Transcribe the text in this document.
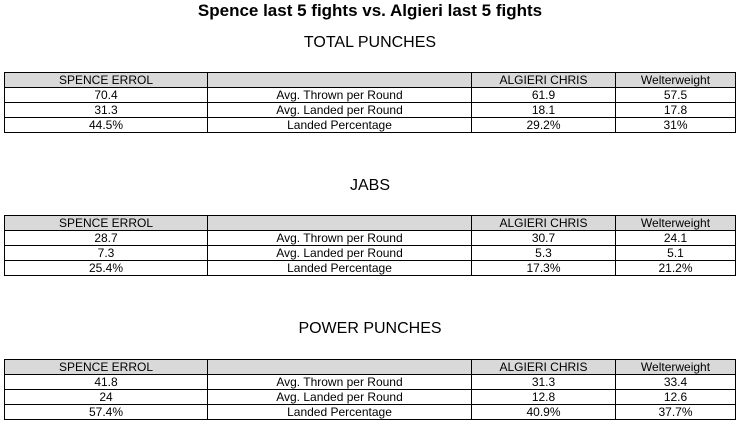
Spence last 5 fights vs. Algieri last 5 fights
TOTAL PUNCHES
SPENCE ERROL		ALGIERI CHRIS	Welterweight
70.4	Avg. Thrown per Round	61.9	57.5
31.3	Avg. Landed per Round	18.1	17.8
44.5%	Landed Percentage	29.2%	31%
JABS
SPENCE ERROL		ALGIERI CHRIS	Welterweight
28.7	Avg. Thrown per Round	30.7	24.1
7.3	Avg. Landed per Round	5.3	5.1
25.4%	Landed Percentage	17.3%	21.2%
POWER PUNCHES
SPENCE ERROL		ALGIERI CHRIS	Welterweight
41.8	Avg. Thrown per Round	31.3	33.4
24	Avg. Landed per Round	12.8	12.6
57.4%	Landed Percentage	40.9%	37.7%
